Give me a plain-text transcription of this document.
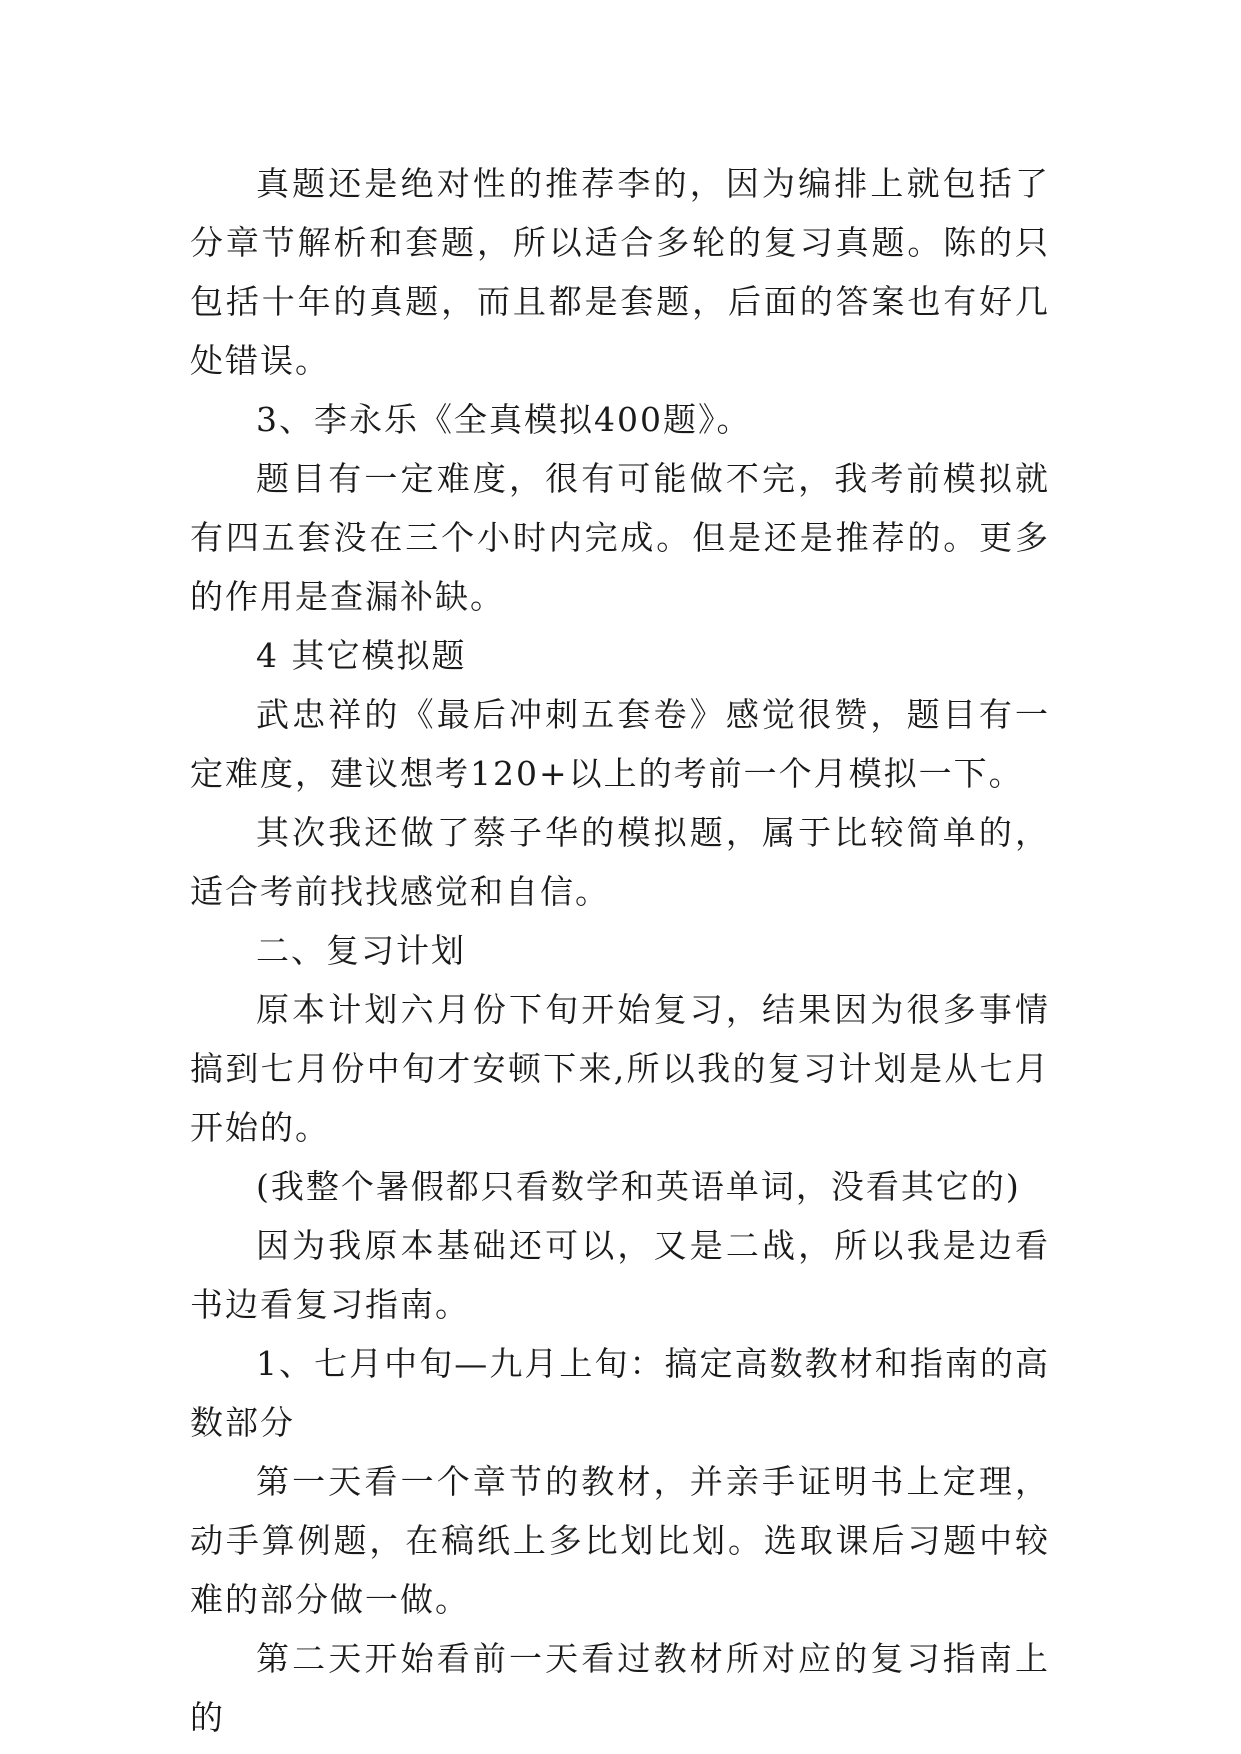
真题还是绝对性的推荐李的，因为编排上就包括了分章节解析和套题，所以适合多轮的复习真题。陈的只包括十年的真题，而且都是套题，后面的答案也有好几处错误。

3、李永乐《全真模拟400题》。

题目有一定难度，很有可能做不完，我考前模拟就有四五套没在三个小时内完成。但是还是推荐的。更多的作用是查漏补缺。

4 其它模拟题

武忠祥的《最后冲刺五套卷》感觉很赞，题目有一定难度，建议想考120+以上的考前一个月模拟一下。

其次我还做了蔡子华的模拟题，属于比较简单的，适合考前找找感觉和自信。

二、复习计划

原本计划六月份下旬开始复习，结果因为很多事情搞到七月份中旬才安顿下来,所以我的复习计划是从七月开始的。

(我整个暑假都只看数学和英语单词，没看其它的)

因为我原本基础还可以，又是二战，所以我是边看书边看复习指南。

1、七月中旬—九月上旬：搞定高数教材和指南的高数部分

第一天看一个章节的教材，并亲手证明书上定理，动手算例题，在稿纸上多比划比划。选取课后习题中较难的部分做一做。

第二天开始看前一天看过教材所对应的复习指南上的
